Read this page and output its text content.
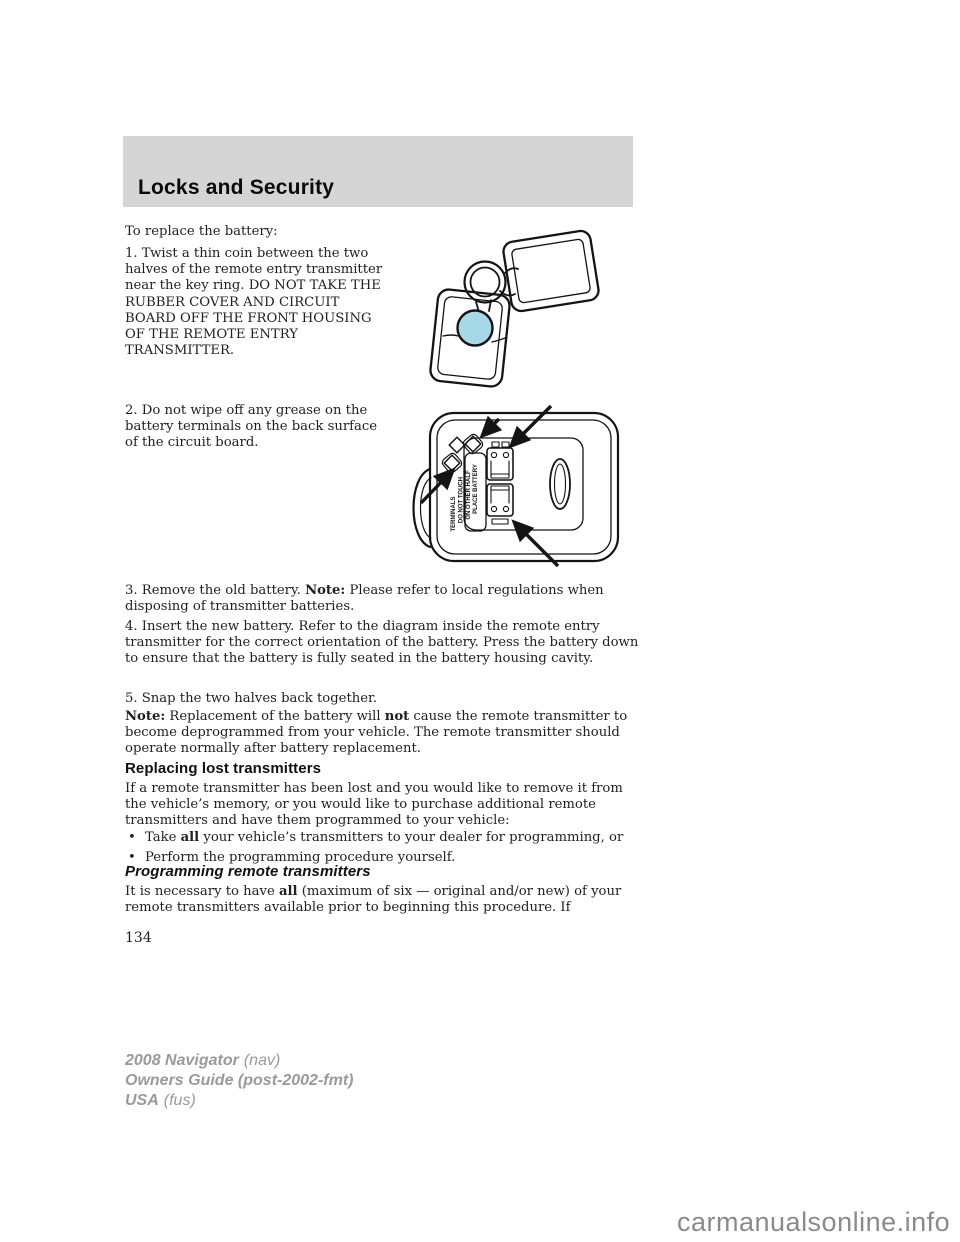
Locks and Security

To replace the battery:

1. Twist a thin coin between the two halves of the remote entry transmitter near the key ring. DO NOT TAKE THE RUBBER COVER AND CIRCUIT BOARD OFF THE FRONT HOUSING OF THE REMOTE ENTRY TRANSMITTER.

2. Do not wipe off any grease on the battery terminals on the back surface of the circuit board.

PLACE BATTERY
ON OTHER HALF
DO NOT TOUCH
TERMINALS

3. Remove the old battery. Note: Please refer to local regulations when disposing of transmitter batteries.

4. Insert the new battery. Refer to the diagram inside the remote entry transmitter for the correct orientation of the battery. Press the battery down to ensure that the battery is fully seated in the battery housing cavity.

5. Snap the two halves back together.

Note: Replacement of the battery will not cause the remote transmitter to become deprogrammed from your vehicle. The remote transmitter should operate normally after battery replacement.

Replacing lost transmitters

If a remote transmitter has been lost and you would like to remove it from the vehicle’s memory, or you would like to purchase additional remote transmitters and have them programmed to your vehicle:

• Take all your vehicle’s transmitters to your dealer for programming, or
• Perform the programming procedure yourself.
Programming remote transmitters

It is necessary to have all (maximum of six — original and/or new) of your remote transmitters available prior to beginning this procedure. If

134
2008 Navigator (nav)
Owners Guide (post-2002-fmt)
USA (fus)
carmanualsonline.info
